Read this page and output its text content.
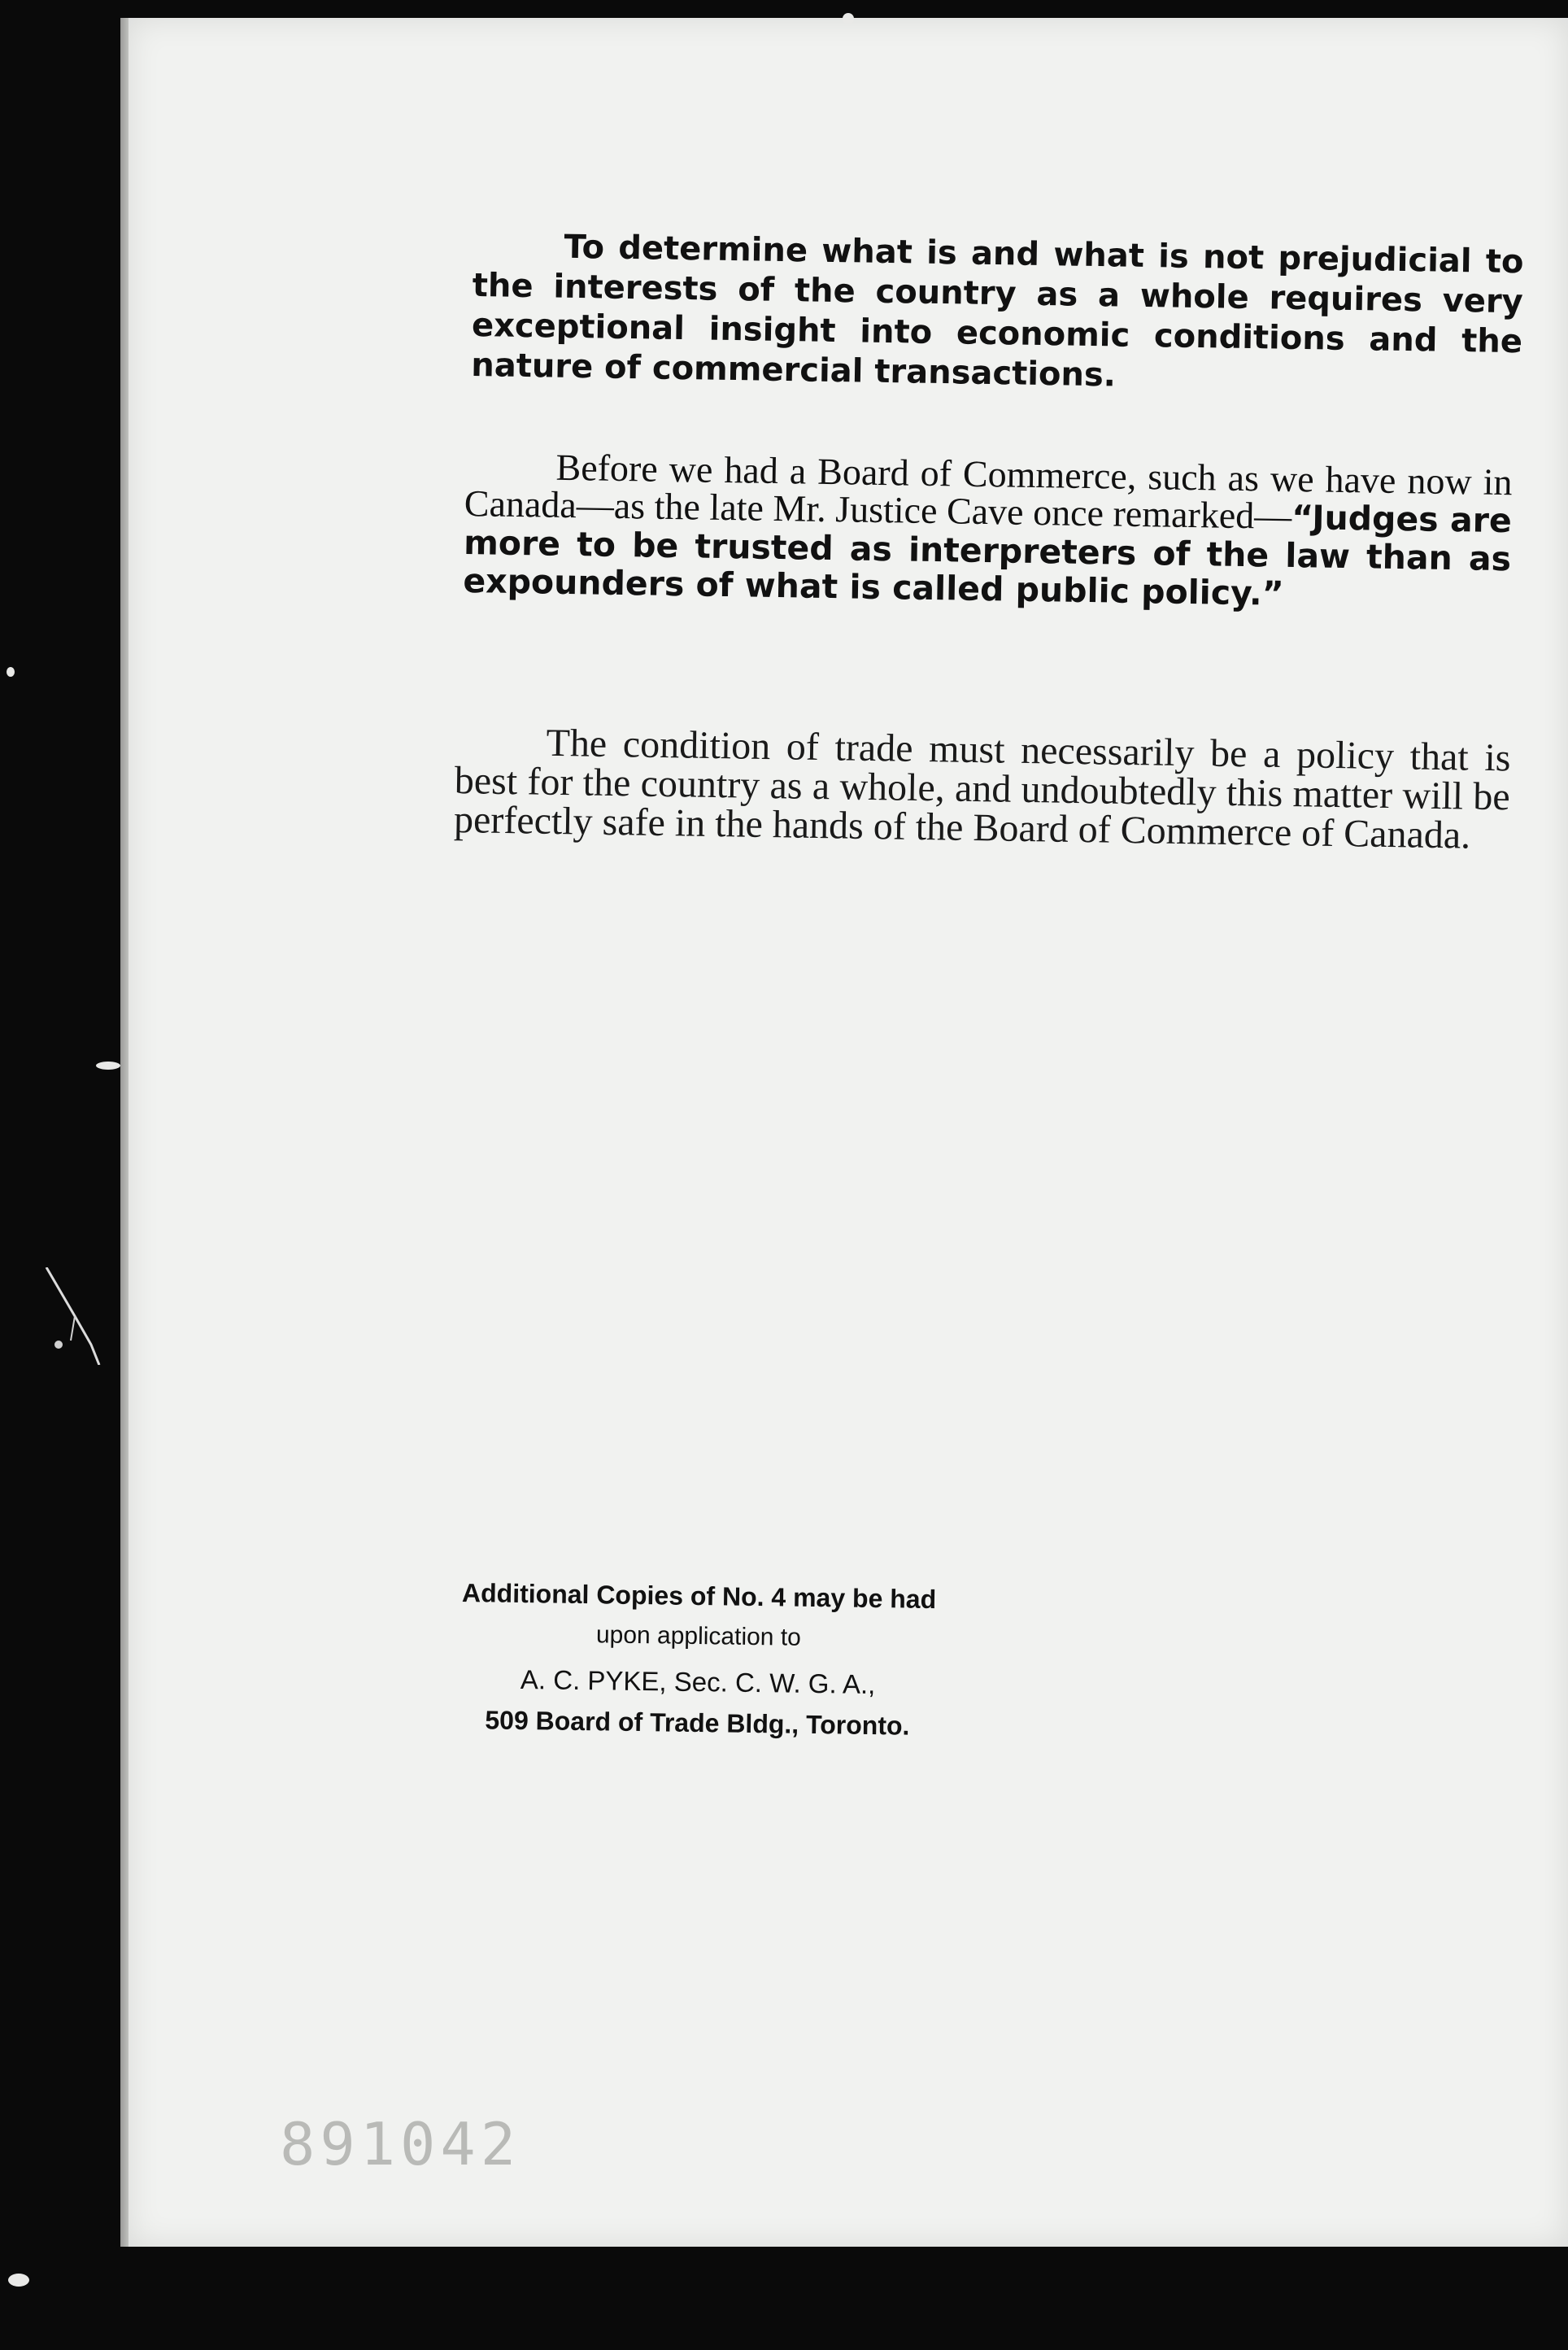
To determine what is and what is not prejudicial to the interests of the country as a whole requires very exceptional insight into economic conditions and the nature of commercial transactions.
Before we had a Board of Commerce, such as we have now in Canada—as the late Mr. Justice Cave once remarked—“Judges are more to be trusted as interpreters of the law than as expounders of what is called public policy.”
The condition of trade must necessarily be a policy that is best for the country as a whole, and undoubtedly this matter will be perfectly safe in the hands of the Board of Commerce of Canada.
Additional Copies of No. 4 may be had
upon application to
A. C. PYKE, Sec. C. W. G. A.,
509 Board of Trade Bldg., Toronto.
891042
